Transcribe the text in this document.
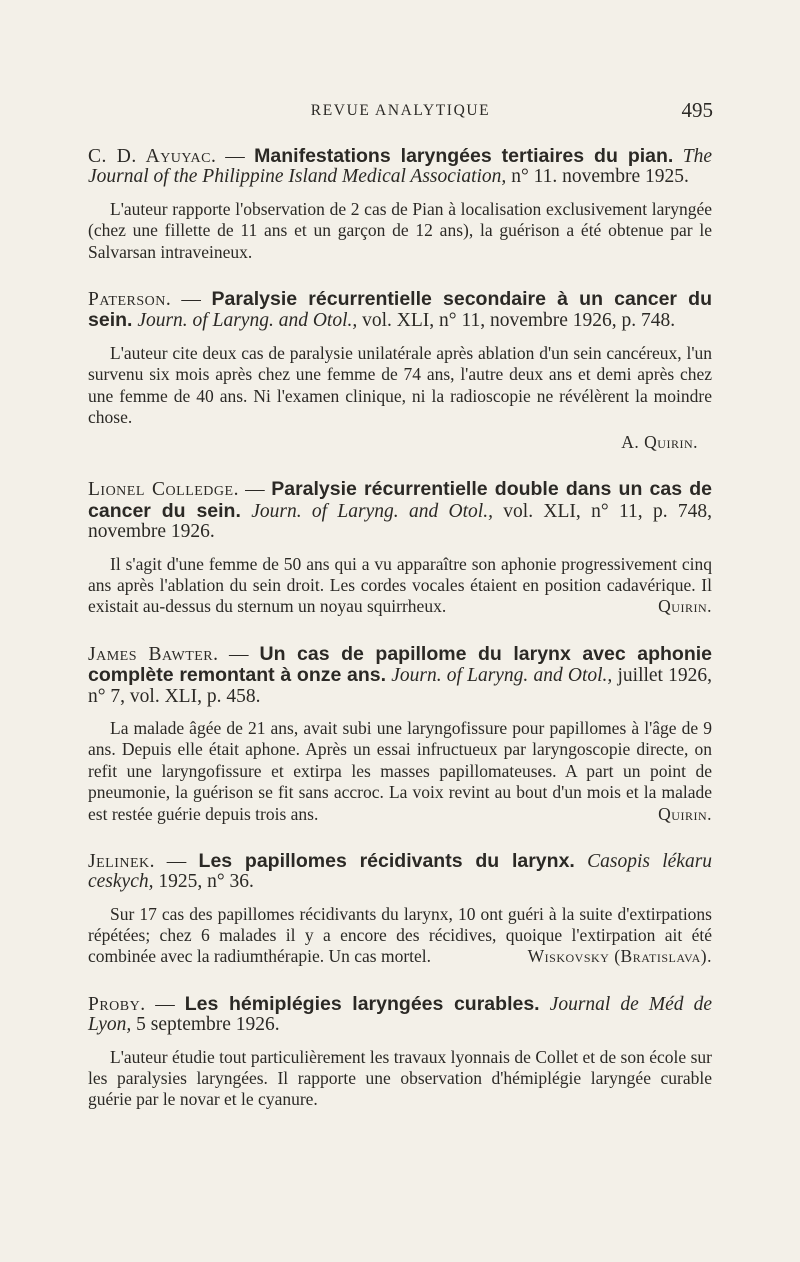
REVUE ANALYTIQUE	495
C. D. Ayuyac. — Manifestations laryngées tertiaires du pian. The Journal of the Philippine Island Medical Association, n° 11. novembre 1925.
L'auteur rapporte l'observation de 2 cas de Pian à localisation exclusivement laryngée (chez une fillette de 11 ans et un garçon de 12 ans), la guérison a été obtenue par le Salvarsan intraveineux.
Paterson. — Paralysie récurrentielle secondaire à un cancer du sein. Journ. of Laryng. and Otol., vol. XLI, n° 11, novembre 1926, p. 748.
L'auteur cite deux cas de paralysie unilatérale après ablation d'un sein cancéreux, l'un survenu six mois après chez une femme de 74 ans, l'autre deux ans et demi après chez une femme de 40 ans. Ni l'examen clinique, ni la radioscopie ne révélèrent la moindre chose.
A. Quirin.
Lionel Colledge. — Paralysie récurrentielle double dans un cas de cancer du sein. Journ. of Laryng. and Otol., vol. XLI, n° 11, p. 748, novembre 1926.
Il s'agit d'une femme de 50 ans qui a vu apparaître son aphonie progressivement cinq ans après l'ablation du sein droit. Les cordes vocales étaient en position cadavérique. Il existait au-dessus du sternum un noyau squirrheux.	Quirin.
James Bawter. — Un cas de papillome du larynx avec aphonie complète remontant à onze ans. Journ. of Laryng. and Otol., juillet 1926, n° 7, vol. XLI, p. 458.
La malade âgée de 21 ans, avait subi une laryngofissure pour papillomes à l'âge de 9 ans. Depuis elle était aphone. Après un essai infructueux par laryngoscopie directe, on refit une laryngofissure et extirpa les masses papillomateuses. A part un point de pneumonie, la guérison se fit sans accroc. La voix revint au bout d'un mois et la malade est restée guérie depuis trois ans.	Quirin.
Jelinek. — Les papillomes récidivants du larynx. Casopis lékaru ceskych, 1925, n° 36.
Sur 17 cas des papillomes récidivants du larynx, 10 ont guéri à la suite d'extirpations répétées; chez 6 malades il y a encore des récidives, quoique l'extirpation ait été combinée avec la radiumthérapie. Un cas mortel.	Wiskovsky (Bratislava).
Proby. — Les hémiplégies laryngées curables. Journal de Méd de Lyon, 5 septembre 1926.
L'auteur étudie tout particulièrement les travaux lyonnais de Collet et de son école sur les paralysies laryngées. Il rapporte une observation d'hémiplégie laryngée curable guérie par le novar et le cyanure.
